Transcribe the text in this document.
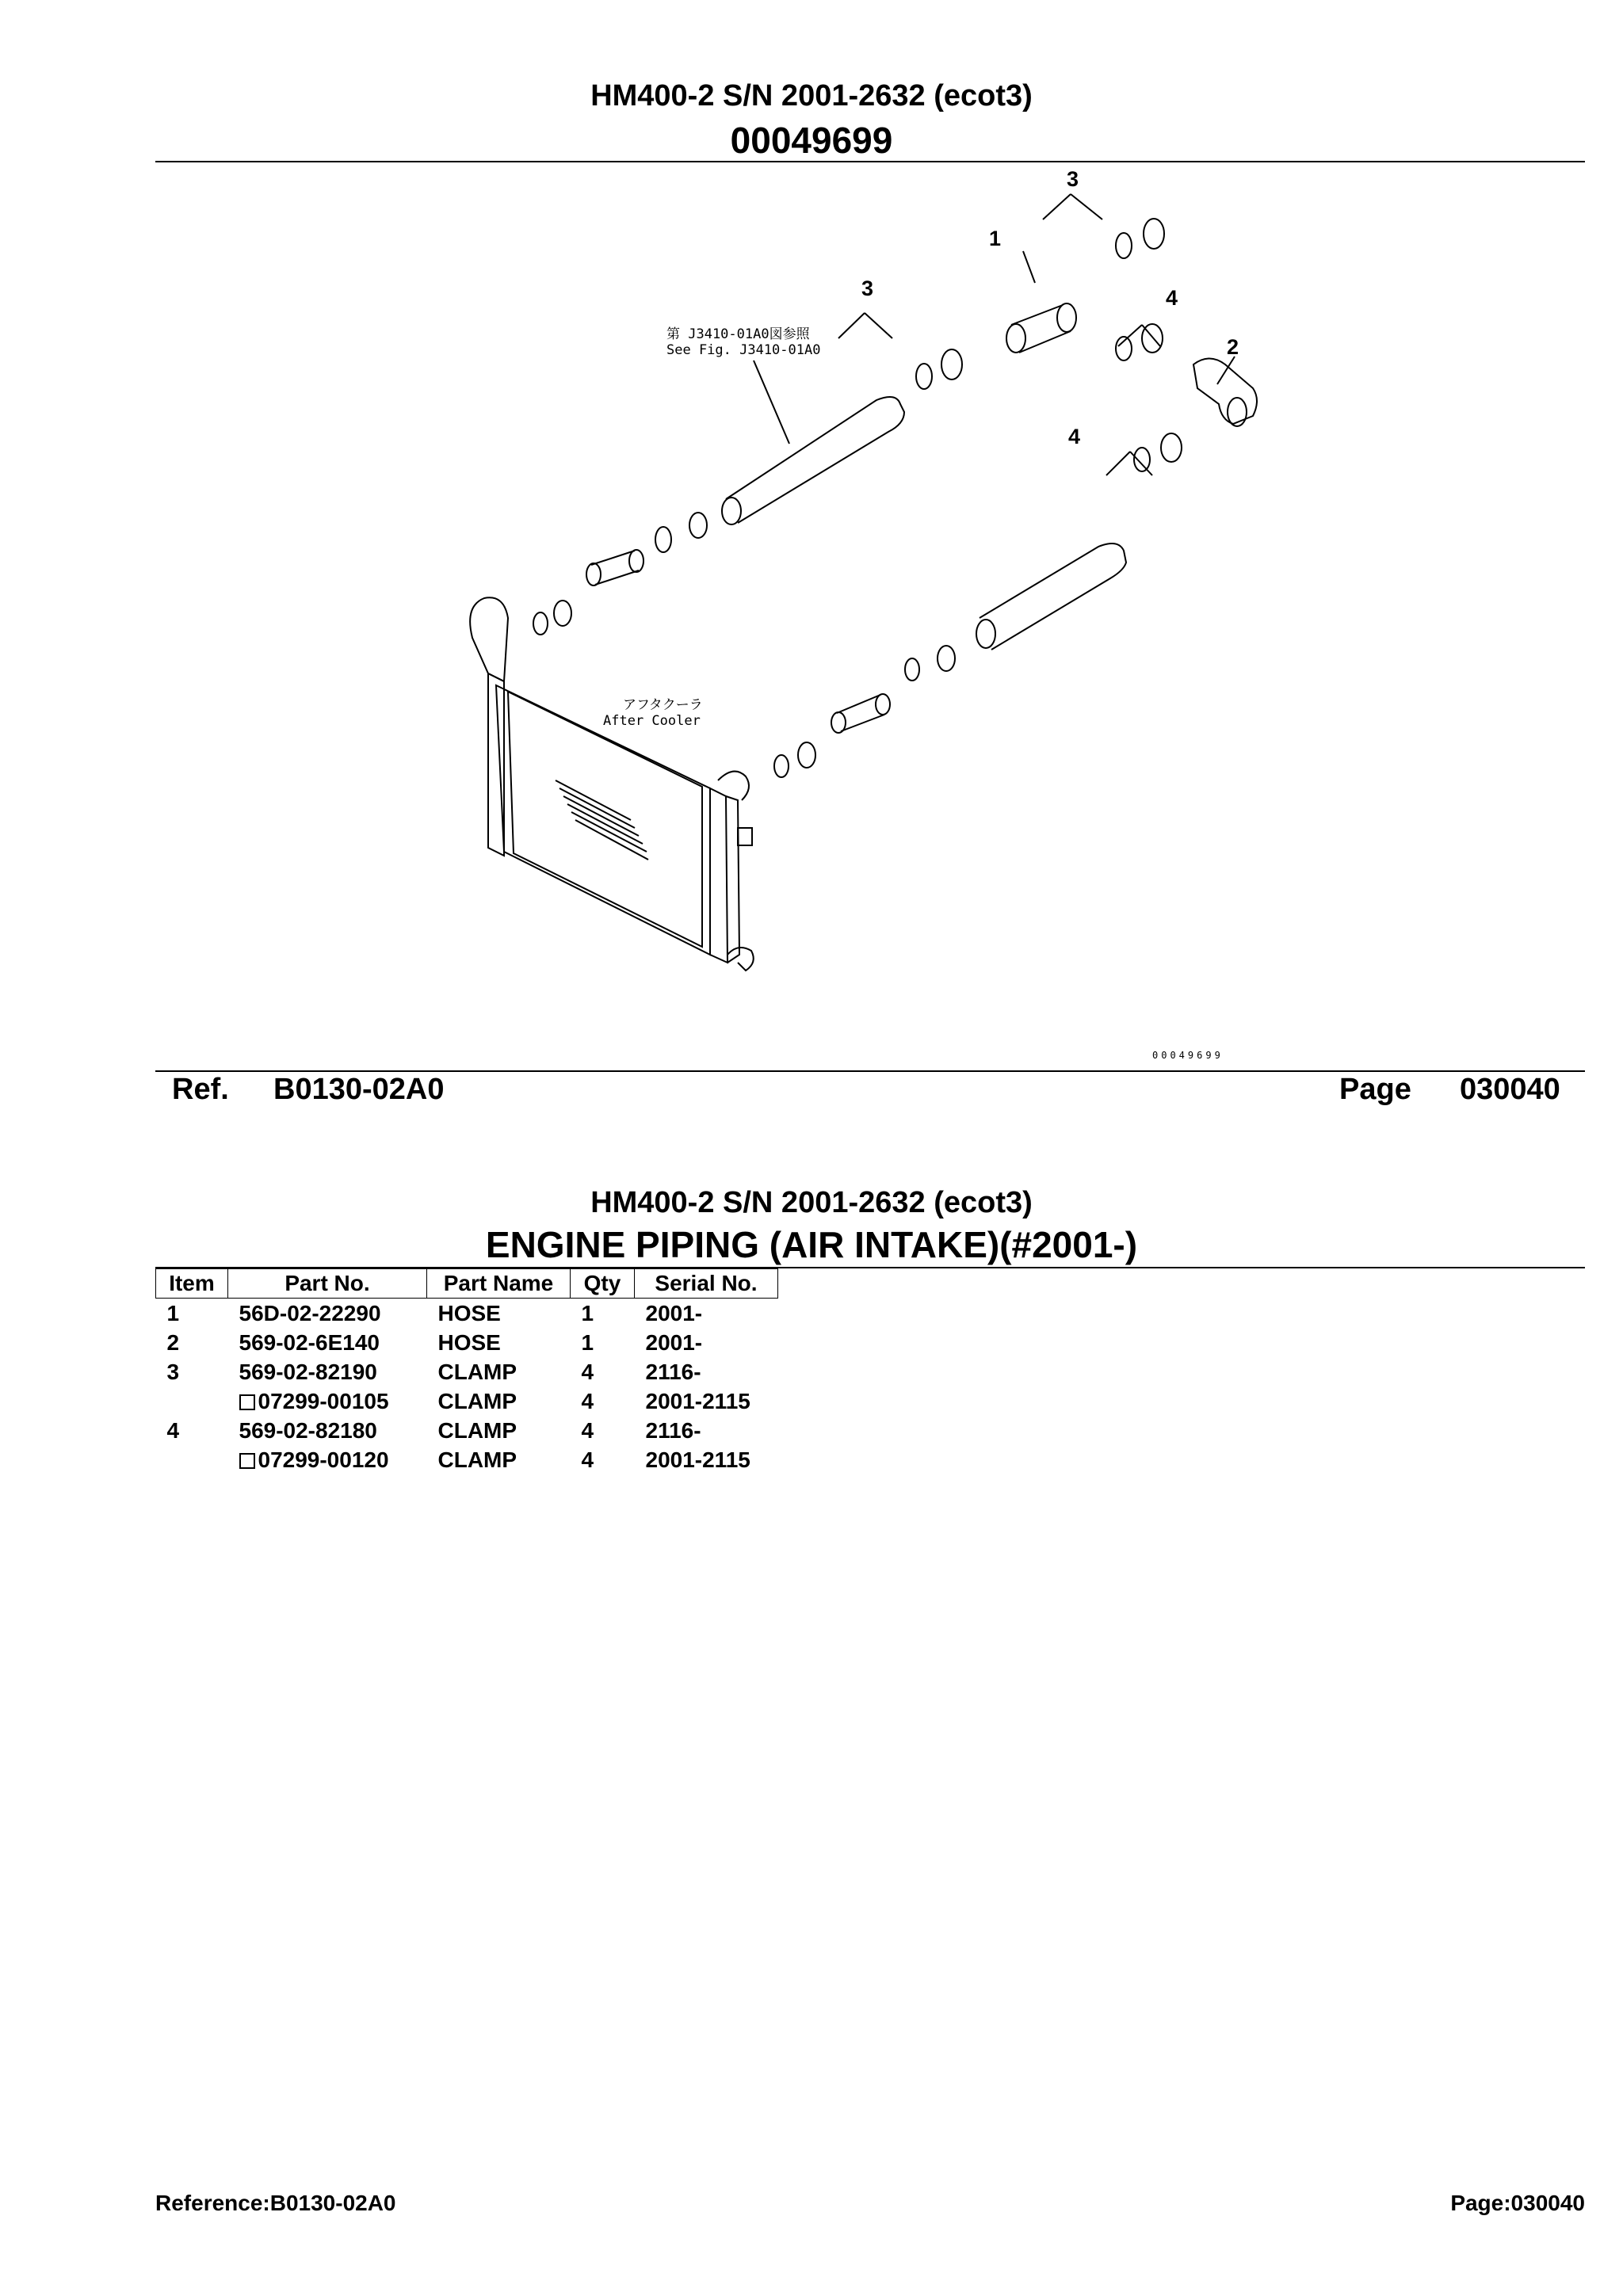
HM400-2 S/N 2001-2632 (ecot3)
00049699
3
1
3	4
2
4
第 J3410-01A0図参照
See Fig. J3410-01A0
アフタクーラ
After Cooler
00049699
Ref. B0130-02A0	Page 030040
HM400-2 S/N 2001-2632 (ecot3)
ENGINE PIPING (AIR INTAKE)(#2001-)
Item	Part No.	Part Name	Qty	Serial No.
1	56D-02-22290	HOSE	1	2001-
2	569-02-6E140	HOSE	1	2001-
3	569-02-82190	CLAMP	4	2116-
	07299-00105	CLAMP	4	2001-2115
4	569-02-82180	CLAMP	4	2116-
	07299-00120	CLAMP	4	2001-2115
Reference:B0130-02A0	Page:030040
